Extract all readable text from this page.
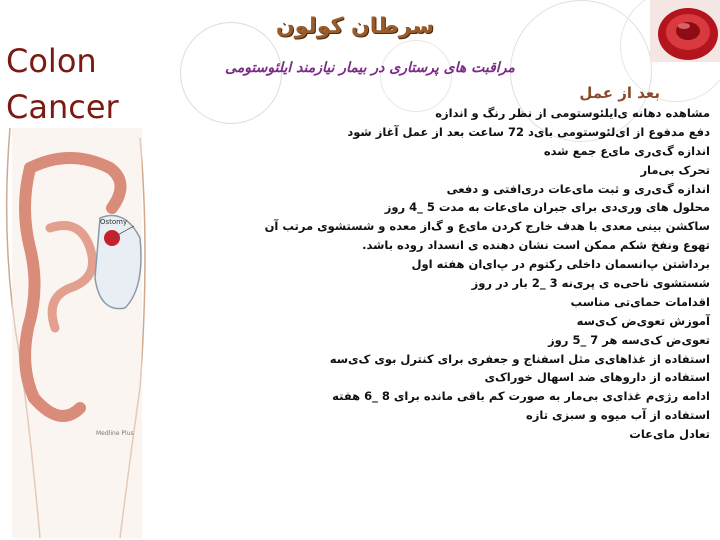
Colon
Cancer
سرطان کولون
مراقبت های پرستاری در بیمار نیازمند ایلئوستومی
بعد از عمل
Ostomy
Medline Plus
مشاهده دهانه ی‌ایلئوستومی از نظر رنگ و اندازه
دفع مدفوع از ای‌لئوستومی بای‌د 72 ساعت بعد از عمل آغاز شود
اندازه گ‌ی‌ری ما‌ی‌ع جمع شده
تحرک بی‌مار
اندازه گ‌ی‌ری و ثبت ما‌ی‌عات دری‌افتی و دفعی
محلول های وری‌دی برای جبران ما‌ی‌عات به مدت 5 _4 روز
ساکشن بینی معدی با هدف خارج کردن ما‌ی‌ع و گ‌از معده و شستشوی مرتب آن
تهوع ونفخ شکم ممکن است نشان دهنده ی انسداد روده باشد.
برداشتن پ‌انسمان داخلی رکتوم در پ‌ای‌ان هفته اول
شستشوی ناحی‌ه ی پری‌نه 3 _2 بار در روز
اقدامات حمای‌تی مناسب
آموزش تعوی‌ض ک‌ی‌سه
تعوی‌ض ک‌ی‌سه هر 7 _5 روز
استفاده از غذاهای‌ی مثل اسفناج و جعفری برای کنترل بوی ک‌ی‌سه
استفاده از داروهای ضد اسهال خوراک‌ی
ادامه رژی‌م غذای‌ی بی‌مار به صورت کم باقی مانده برای 8 _6 هفته
استفاده از آب میوه و سبزی تازه
تعادل ما‌ی‌عات
